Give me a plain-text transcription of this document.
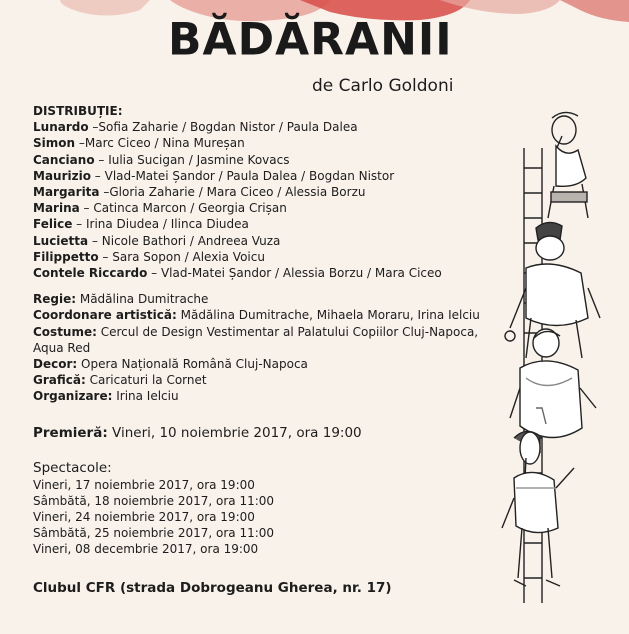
BĂDĂRANII
de Carlo Goldoni
DISTRIBUȚIE:
Lunardo –Sofia Zaharie / Bogdan Nistor / Paula Dalea
Simon –Marc Ciceo / Nina Mureșan
Canciano – Iulia Sucigan / Jasmine Kovacs
Maurizio – Vlad-Matei Șandor / Paula Dalea / Bogdan Nistor
Margarita –Gloria Zaharie / Mara Ciceo / Alessia Borzu
Marina – Catinca Marcon / Georgia Crișan
Felice – Irina Diudea / Ilinca Diudea
Lucietta – Nicole Bathori / Andreea Vuza
Filippetto – Sara Sopon / Alexia Voicu
Contele Riccardo – Vlad-Matei Șandor / Alessia Borzu / Mara Ciceo
Regie: Mădălina Dumitrache
Coordonare artistică: Mădălina Dumitrache, Mihaela Moraru, Irina Ielciu
Costume: Cercul de Design Vestimentar al Palatului Copiilor Cluj-Napoca,
Aqua Red
Decor: Opera Națională Română Cluj-Napoca
Grafică: Caricaturi la Cornet
Organizare: Irina Ielciu
Premieră: Vineri, 10 noiembrie 2017, ora 19:00
Spectacole:
Vineri, 17 noiembrie 2017, ora 19:00
Sâmbătă, 18 noiembrie 2017, ora 11:00
Vineri, 24 noiembrie 2017, ora 19:00
Sâmbătă, 25 noiembrie 2017, ora 11:00
Vineri, 08 decembrie 2017, ora 19:00
Clubul CFR (strada Dobrogeanu Gherea, nr. 17)
